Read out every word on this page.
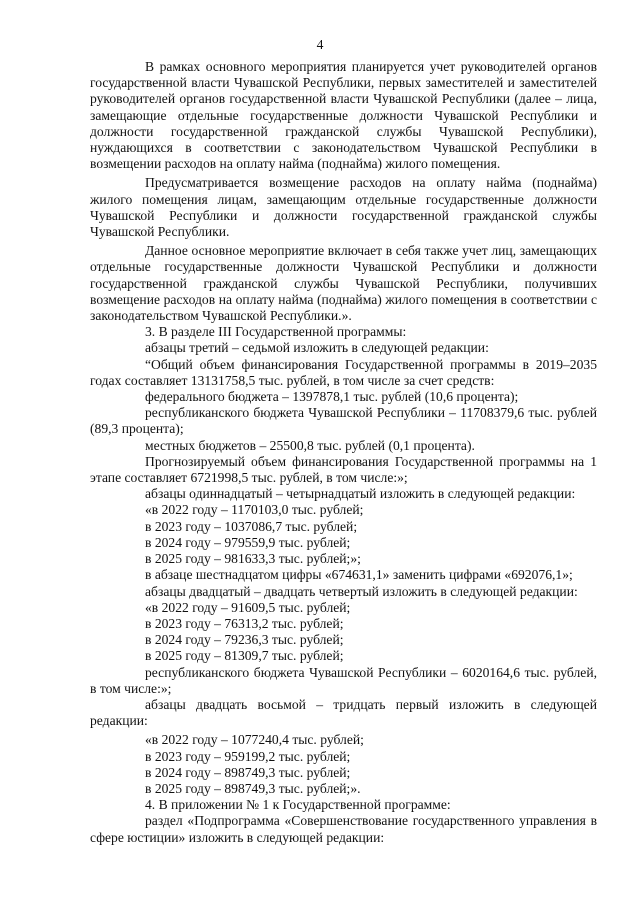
4

В рамках основного мероприятия планируется учет руководителей органов государственной власти Чувашской Республики, первых заместителей и заместителей руководителей органов государственной власти Чувашской Республики (далее – лица, замещающие отдельные государственные должности Чувашской Республики и должности государственной гражданской службы Чувашской Республики), нуждающихся в соответствии с законодательством Чувашской Республики в возмещении расходов на оплату найма (поднайма) жилого помещения.

Предусматривается возмещение расходов на оплату найма (поднайма) жилого помещения лицам, замещающим отдельные государственные должности Чувашской Республики и должности государственной гражданской службы Чувашской Республики.

Данное основное мероприятие включает в себя также учет лиц, замещающих отдельные государственные должности Чувашской Республики и должности государственной гражданской службы Чувашской Республики, получивших возмещение расходов на оплату найма (поднайма) жилого помещения в соответствии с законодательством Чувашской Республики.».

3. В разделе III Государственной программы:

абзацы третий – седьмой изложить в следующей редакции:

“Общий объем финансирования Государственной программы в 2019–2035 годах составляет 13131758,5 тыс. рублей, в том числе за счет средств:

федерального бюджета – 1397878,1 тыс. рублей (10,6 процента);

республиканского бюджета Чувашской Республики – 11708379,6 тыс. рублей (89,3 процента);

местных бюджетов – 25500,8 тыс. рублей (0,1 процента).

Прогнозируемый объем финансирования Государственной программы на 1 этапе составляет 6721998,5 тыс. рублей, в том числе:»;

абзацы одиннадцатый – четырнадцатый изложить в следующей редакции:

«в 2022 году – 1170103,0 тыс. рублей;

в 2023 году – 1037086,7 тыс. рублей;

в 2024 году – 979559,9 тыс. рублей;

в 2025 году – 981633,3 тыс. рублей;»;

в абзаце шестнадцатом цифры «674631,1» заменить цифрами «692076,1»;

абзацы двадцатый – двадцать четвертый изложить в следующей редакции:

«в 2022 году – 91609,5 тыс. рублей;

в 2023 году – 76313,2 тыс. рублей;

в 2024 году – 79236,3 тыс. рублей;

в 2025 году – 81309,7 тыс. рублей;

республиканского бюджета Чувашской Республики – 6020164,6 тыс. рублей, в том числе:»;

абзацы двадцать восьмой – тридцать первый изложить в следующей редакции:

«в 2022 году – 1077240,4 тыс. рублей;

в 2023 году – 959199,2 тыс. рублей;

в 2024 году – 898749,3 тыс. рублей;

в 2025 году – 898749,3 тыс. рублей;».

4. В приложении № 1 к Государственной программе:

раздел «Подпрограмма «Совершенствование государственного управления в сфере юстиции» изложить в следующей редакции:
